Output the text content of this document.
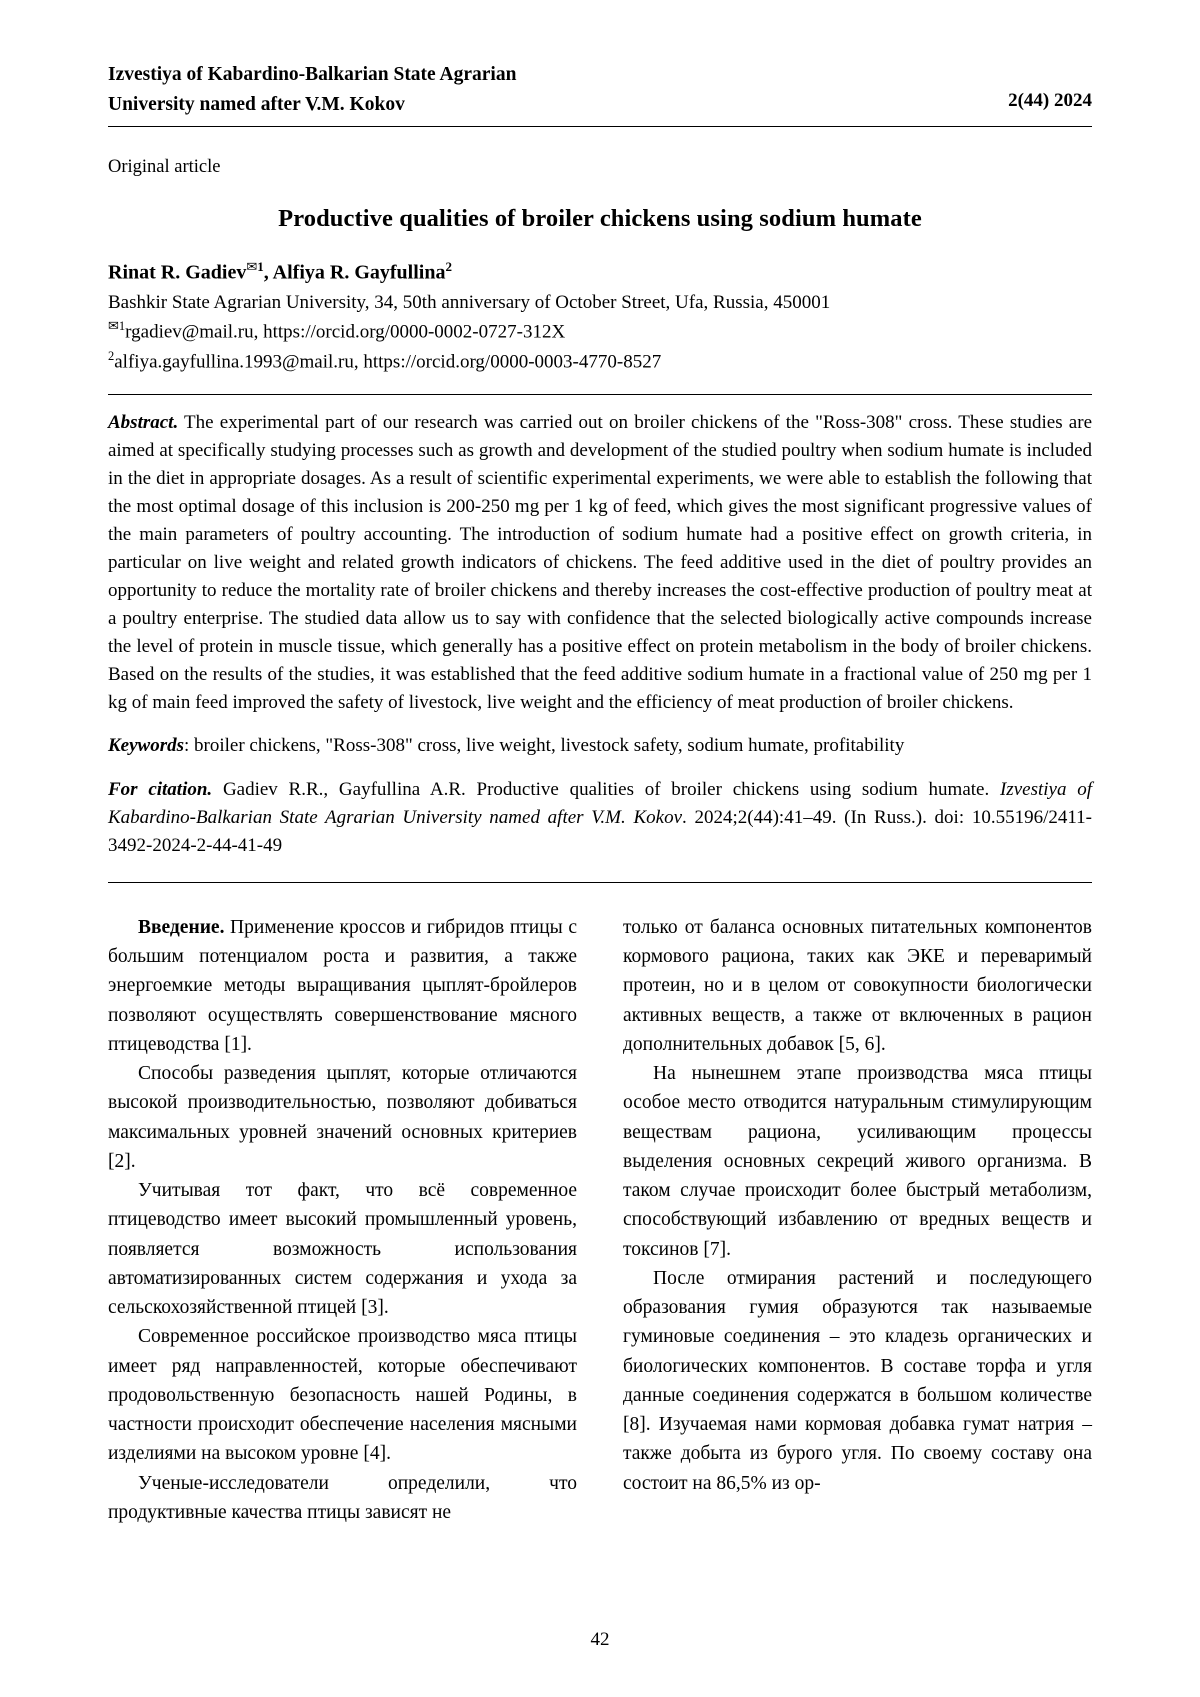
Izvestiya of Kabardino-Balkarian State Agrarian
University named after V.M. Kokov	2(44) 2024
Original article
Productive qualities of broiler chickens using sodium humate
Rinat R. Gadiev$^{✉1}$, Alfiya R. Gayfullina$^2$
Bashkir State Agrarian University, 34, 50th anniversary of October Street, Ufa, Russia, 450001
$^{✉1}$rgadiev@mail.ru, https://orcid.org/0000-0002-0727-312X
$^2$alfiya.gayfullina.1993@mail.ru, https://orcid.org/0000-0003-4770-8527
Abstract. The experimental part of our research was carried out on broiler chickens of the "Ross-308" cross. These studies are aimed at specifically studying processes such as growth and development of the studied poultry when sodium humate is included in the diet in appropriate dosages. As a result of scientific experimental experiments, we were able to establish the following that the most optimal dosage of this inclusion is 200-250 mg per 1 kg of feed, which gives the most significant progressive values of the main parameters of poultry accounting. The introduction of sodium humate had a positive effect on growth criteria, in particular on live weight and related growth indicators of chickens. The feed additive used in the diet of poultry provides an opportunity to reduce the mortality rate of broiler chickens and thereby increases the cost-effective production of poultry meat at a poultry enterprise. The studied data allow us to say with confidence that the selected biologically active compounds increase the level of protein in muscle tissue, which generally has a positive effect on protein metabolism in the body of broiler chickens. Based on the results of the studies, it was established that the feed additive sodium humate in a fractional value of 250 mg per 1 kg of main feed improved the safety of livestock, live weight and the efficiency of meat production of broiler chickens.
Keywords: broiler chickens, "Ross-308" cross, live weight, livestock safety, sodium humate, profitability
For citation. Gadiev R.R., Gayfullina A.R. Productive qualities of broiler chickens using sodium humate. Izvestiya of Kabardino-Balkarian State Agrarian University named after V.M. Kokov. 2024;2(44):41–49. (In Russ.). doi: 10.55196/2411-3492-2024-2-44-41-49

Введение. Применение кроссов и гибридов птицы с большим потенциалом роста и развития, а также энергоемкие методы выращивания цыплят-бройлеров позволяют осуществлять совершенствование мясного птицеводства [1].

Способы разведения цыплят, которые отличаются высокой производительностью, позволяют добиваться максимальных уровней значений основных критериев [2].

Учитывая тот факт, что всё современное птицеводство имеет высокий промышленный уровень, появляется возможность использования автоматизированных систем содержания и ухода за сельскохозяйственной птицей [3].

Современное российское производство мяса птицы имеет ряд направленностей, которые обеспечивают продовольственную безопасность нашей Родины, в частности происходит обеспечение населения мясными изделиями на высоком уровне [4].

Ученые-исследователи определили, что продуктивные качества птицы зависят не

только от баланса основных питательных компонентов кормового рациона, таких как ЭКЕ и переваримый протеин, но и в целом от совокупности биологически активных веществ, а также от включенных в рацион дополнительных добавок [5, 6].

На нынешнем этапе производства мяса птицы особое место отводится натуральным стимулирующим веществам рациона, усиливающим процессы выделения основных секреций живого организма. В таком случае происходит более быстрый метаболизм, способствующий избавлению от вредных веществ и токсинов [7].

После отмирания растений и последующего образования гумия образуются так называемые гуминовые соединения – это кладезь органических и биологических компонентов. В составе торфа и угля данные соединения содержатся в большом количестве [8]. Изучаемая нами кормовая добавка гумат натрия – также добыта из бурого угля. По своему составу она состоит на 86,5% из ор-

42
